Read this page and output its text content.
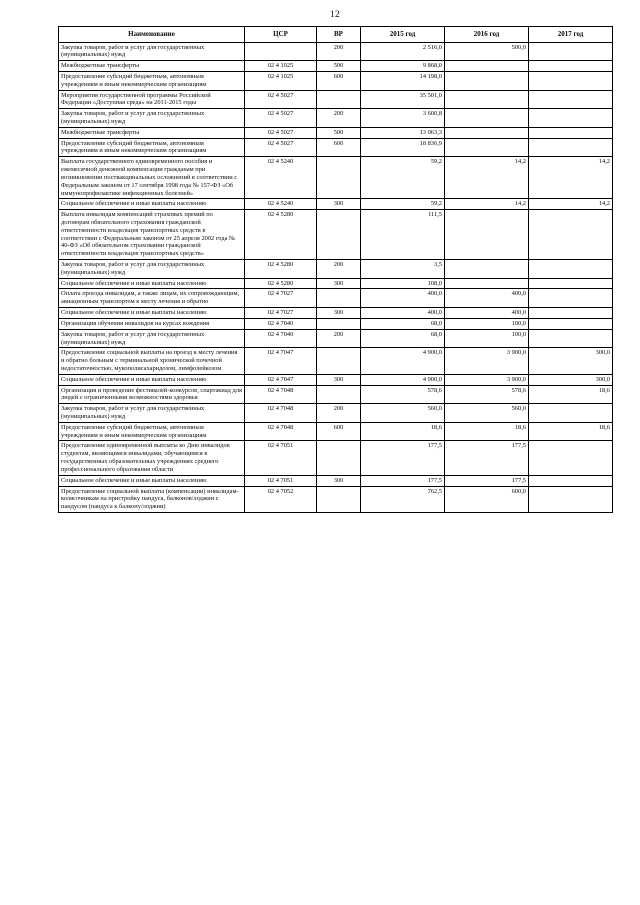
12
Наименование	ЦСР	ВР	2015 год	2016 год	2017 год
Закупка товаров, работ и услуг для государственных (муниципальных) нужд		200	2 516,0	500,0	
Межбюджетные трансферты	02 4 1025	500	9 868,0		
Предоставление субсидий бюджетным, автономным учреждениям и иным некоммерческим организациям	02 4 1025	600	14 198,0		
Мероприятия государственной программы Российской Федерации «Доступная среда» на 2011-2015 годы	02 4 5027		35 501,0		
Закупка товаров, работ и услуг для государственных (муниципальных) нужд	02 4 5027	200	3 600,8		
Межбюджетные трансферты	02 4 5027	500	13 063,3		
Предоставление субсидий бюджетным, автономным учреждениям и иным некоммерческим организациям	02 4 5027	600	18 836,9		
Выплата государственного единовременного пособия и ежемесячной денежной компенсации гражданам при возникновении поствакцинальных осложнений в соответствии с Федеральным законом от 17 сентября 1998 года № 157-ФЗ «Об иммунопрофилактике инфекционных болезней»	02 4 5240		59,2	14,2	14,2
Социальное обеспечение и иные выплаты населению	02 4 5240	300	59,2	14,2	14,2
Выплата инвалидам компенсаций страховых премий по договорам обязательного страхования гражданской ответственности владельцев транспортных средств в соответствии с Федеральным законом от 25 апреля 2002 года № 40-ФЗ «Об обязательном страховании гражданской ответственности владельцев транспортных средств»	02 4 5280		111,5		
Закупка товаров, работ и услуг для государственных (муниципальных) нужд	02 4 5280	200	3,5		
Социальное обеспечение и иные выплаты населению	02 4 5280	300	108,0		
Оплата проезда инвалидам, а также лицам, их сопровождающим, авиационным транспортом к месту лечения и обратно	02 4 7027		400,0	400,0	
Социальное обеспечение и иные выплаты населению	02 4 7027	300	400,0	400,0	
Организация обучения инвалидов на курсах вождения	02 4 7040		68,0	100,0	
Закупка товаров, работ и услуг для государственных (муниципальных) нужд	02 4 7040	200	68,0	100,0	
Предоставление социальной выплаты на проезд к месту лечения и обратно больным с терминальной хронической почечной недостаточностью, мукополисахаридозом, лимфолейкозом	02 4 7047		4 900,0	3 900,0	300,0
Социальное обеспечение и иные выплаты населению	02 4 7047	300	4 900,0	3 900,0	300,0
Организация и проведение фестивалей-конкурсов, спартакиад для людей с ограниченными возможностями здоровья	02 4 7048		578,6	578,6	18,6
Закупка товаров, работ и услуг для государственных (муниципальных) нужд	02 4 7048	200	560,0	560,0	
Предоставление субсидий бюджетным, автономным учреждениям и иным некоммерческим организациям	02 4 7048	600	18,6	18,6	18,6
Предоставление единовременной выплаты ко Дню инвалидов студентам, являющимся инвалидами, обучающимся в государственных образовательных учреждениях среднего профессионального образования области	02 4 7051		177,5	177,5	
Социальное обеспечение и иные выплаты населению	02 4 7051	300	177,5	177,5	
Предоставление социальной выплаты (компенсации) инвалидам-колясочникам на пристройку пандуса, балконов/лоджии с пандусом (пандуса к балкону/лоджии)	02 4 7052		762,5	600,0	
